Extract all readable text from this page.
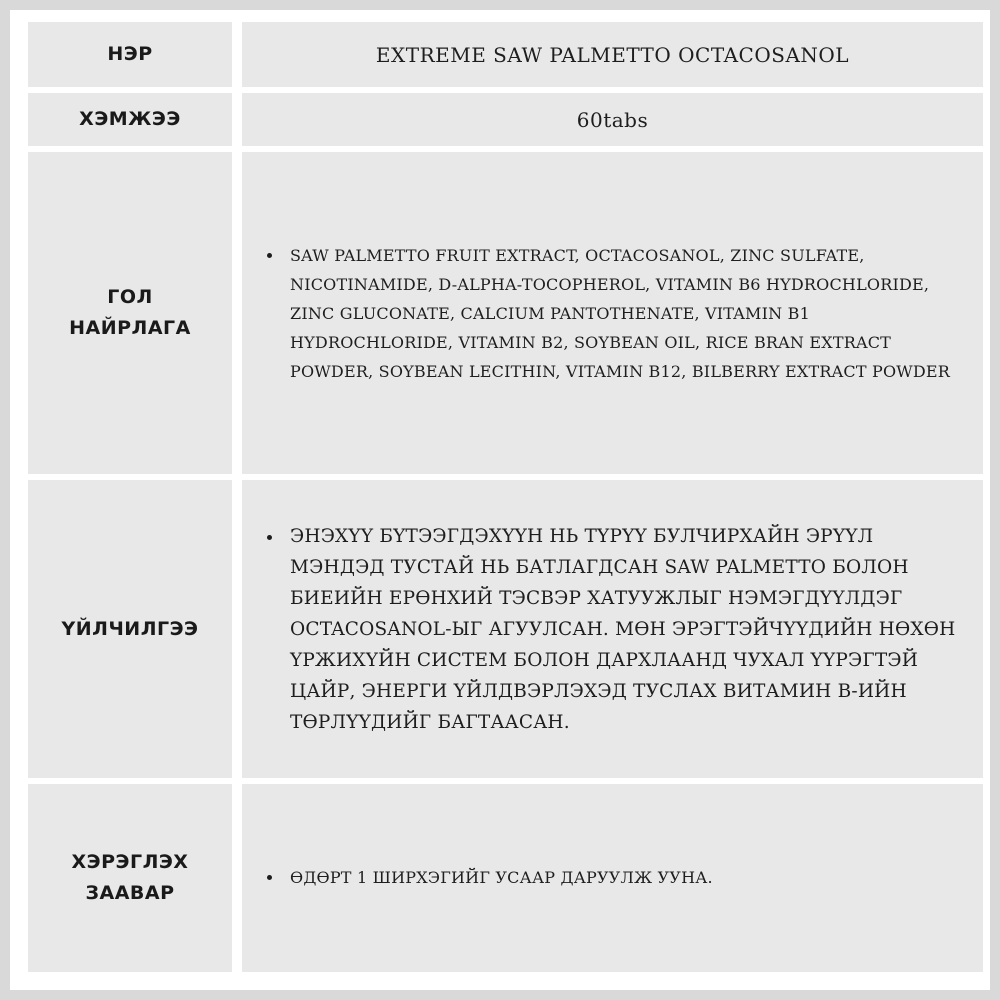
НЭР	EXTREME SAW PALMETTO OCTACOSANOL
ХЭМЖЭЭ	60tabs
ГОЛ НАЙРЛАГА
• SAW PALMETTO FRUIT EXTRACT, OCTACOSANOL, ZINC SULFATE, NICOTINAMIDE, D-ALPHA-TOCOPHEROL, VITAMIN B6 HYDROCHLORIDE, ZINC GLUCONATE, CALCIUM PANTOTHENATE, VITAMIN B1 HYDROCHLORIDE, VITAMIN B2, SOYBEAN OIL, RICE BRAN EXTRACT POWDER, SOYBEAN LECITHIN, VITAMIN B12, BILBERRY EXTRACT POWDER
ҮЙЛЧИЛГЭЭ
• ЭНЭХҮҮ БҮТЭЭГДЭХҮҮН НЬ ТҮРҮҮ БУЛЧИРХАЙН ЭРҮҮЛ МЭНДЭД ТУСТАЙ НЬ БАТЛАГДСАН SAW PALMETTO БОЛОН БИЕИЙН ЕРӨНХИЙ ТЭСВЭР ХАТУУЖЛЫГ НЭМЭГДҮҮЛДЭГ OCTACOSANOL-ЫГ АГУУЛСАН. МӨН ЭРЭГТЭЙЧҮҮДИЙН НӨХӨН ҮРЖИХҮЙН СИСТЕМ БОЛОН ДАРХЛААНД ЧУХАЛ ҮҮРЭГТЭЙ ЦАЙР, ЭНЕРГИ ҮЙЛДВЭРЛЭХЭД ТУСЛАХ ВИТАМИН В-ИЙН ТӨРЛҮҮДИЙГ БАГТААСАН.
ХЭРЭГЛЭХ ЗААВАР
• ӨДӨРТ 1 ШИРХЭГИЙГ УСААР ДАРУУЛЖ УУНА.
